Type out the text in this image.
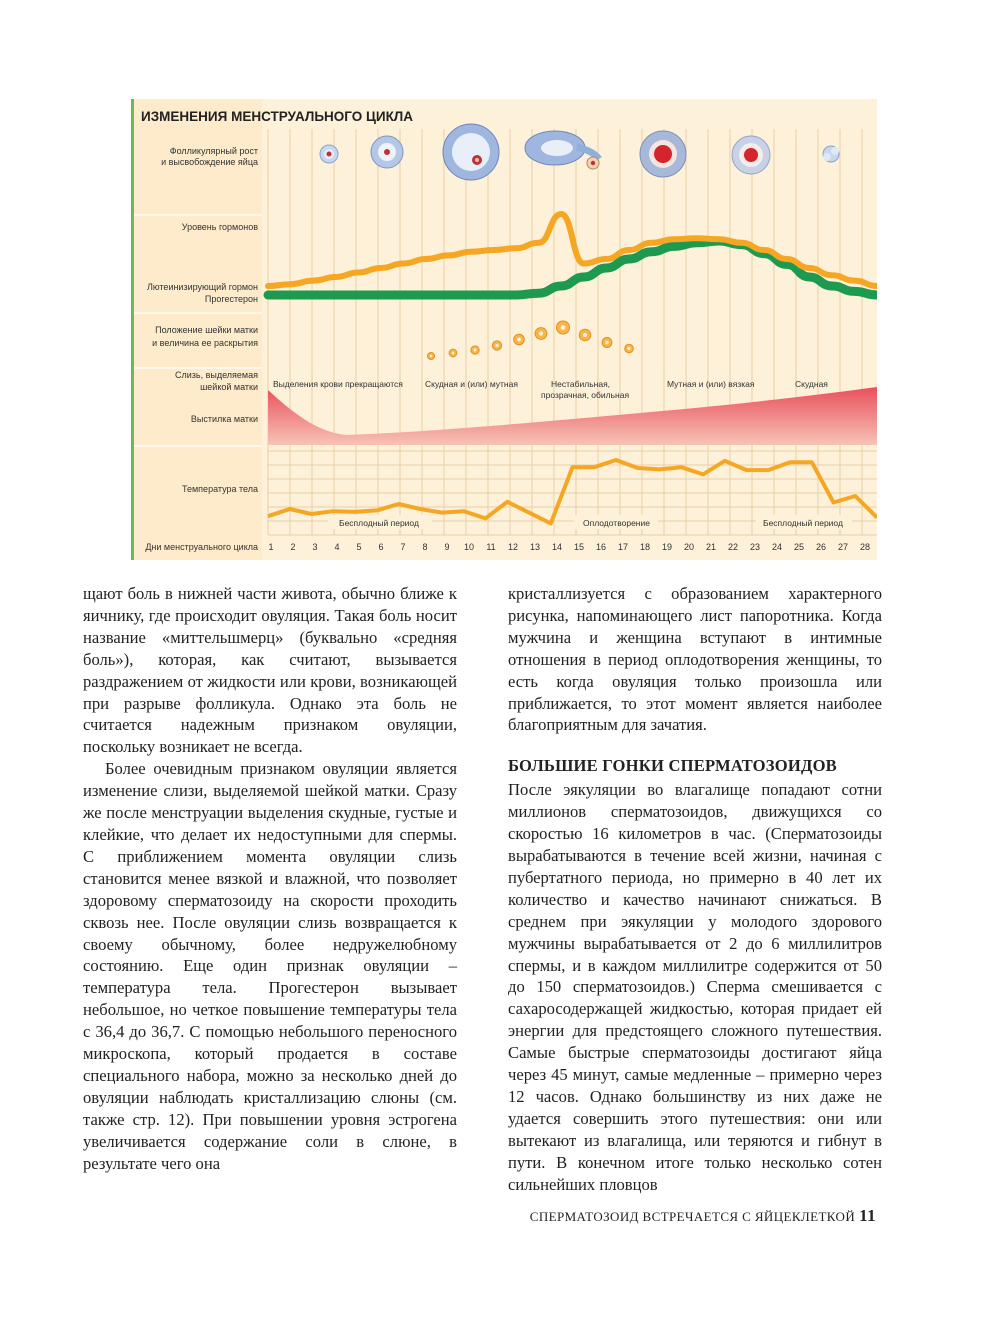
ИЗМЕНЕНИЯ МЕНСТРУАЛЬНОГО ЦИКЛА
Фолликулярный рост
и высвобождение яйца
Уровень гормонов
Лютеинизирующий гормон
Прогестерон
Положение шейки матки
и величина ее раскрытия
Слизь, выделяемая
шейкой матки
Выстилка матки
Температура тела
Дни менструального цикла
Выделения крови прекращаются	Скудная и (или) мутная	Нестабильная,
прозрачная, обильная
Мутная и (или) вязкая	Скудная
Бесплодный период	Оплодотворение	Бесплодный период
1 2 3 4 5 6 7 8 9 10 11 12 13 14 15 16 17 18 19 20 21 22 23 24 25 26 27 28

щают боль в нижней части живота, обычно ближе к яичнику, где происходит овуляция. Такая боль носит название «миттельшмерц» (буквально «средняя боль»), которая, как считают, вызывается раздражением от жидкости или крови, возникающей при разрыве фолликула. Однако эта боль не считается надежным признаком овуляции, поскольку возникает не всегда.

Более очевидным признаком овуляции является изменение слизи, выделяемой шейкой матки. Сразу же после менструации выделения скудные, густые и клейкие, что делает их недоступными для спермы. С приближением момента овуляции слизь становится менее вязкой и влажной, что позволяет здоровому сперматозоиду на скорости проходить сквозь нее. После овуляции слизь возвращается к своему обычному, более недружелюбному состоянию. Еще один признак овуляции – температура тела. Прогестерон вызывает небольшое, но четкое повышение температуры тела с 36,4 до 36,7. С помощью небольшого переносного микроскопа, который продается в составе специального набора, можно за несколько дней до овуляции наблюдать кристаллизацию слюны (см. также стр. 12). При повышении уровня эстрогена увеличивается содержание соли в слюне, в результате чего она

кристаллизуется с образованием характерного рисунка, напоминающего лист папоротника. Когда мужчина и женщина вступают в интимные отношения в период оплодотворения женщины, то есть когда овуляция только произошла или приближается, то этот момент является наиболее благоприятным для зачатия.

БОЛЬШИЕ ГОНКИ СПЕРМАТОЗОИДОВ

После эякуляции во влагалище попадают сотни миллионов сперматозоидов, движущихся со скоростью 16 километров в час. (Сперматозоиды вырабатываются в течение всей жизни, начиная с пубертатного периода, но примерно в 40 лет их количество и качество начинают снижаться. В среднем при эякуляции у молодого здорового мужчины вырабатывается от 2 до 6 миллилитров спермы, и в каждом миллилитре содержится от 50 до 150 сперматозоидов.) Сперма смешивается с сахаросодержащей жидкостью, которая придает ей энергии для предстоящего сложного путешествия. Самые быстрые сперматозоиды достигают яйца через 45 минут, самые медленные – примерно через 12 часов. Однако большинству из них даже не удается совершить этого путешествия: они или вытекают из влагалища, или теряются и гибнут в пути. В конечном итоге только несколько сотен сильнейших пловцов

СПЕРМАТОЗОИД ВСТРЕЧАЕТСЯ С ЯЙЦЕКЛЕТКОЙ 11
